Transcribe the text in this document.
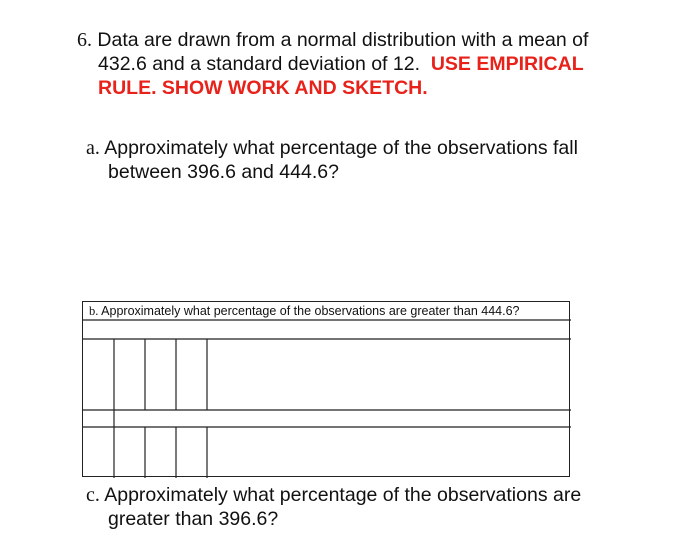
6. Data are drawn from a normal distribution with a mean of
432.6 and a standard deviation of 12. USE EMPIRICAL
RULE. SHOW WORK AND SKETCH.
a. Approximately what percentage of the observations fall
between 396.6 and 444.6?
b. Approximately what percentage of the observations are greater than 444.6?
c. Approximately what percentage of the observations are
greater than 396.6?
